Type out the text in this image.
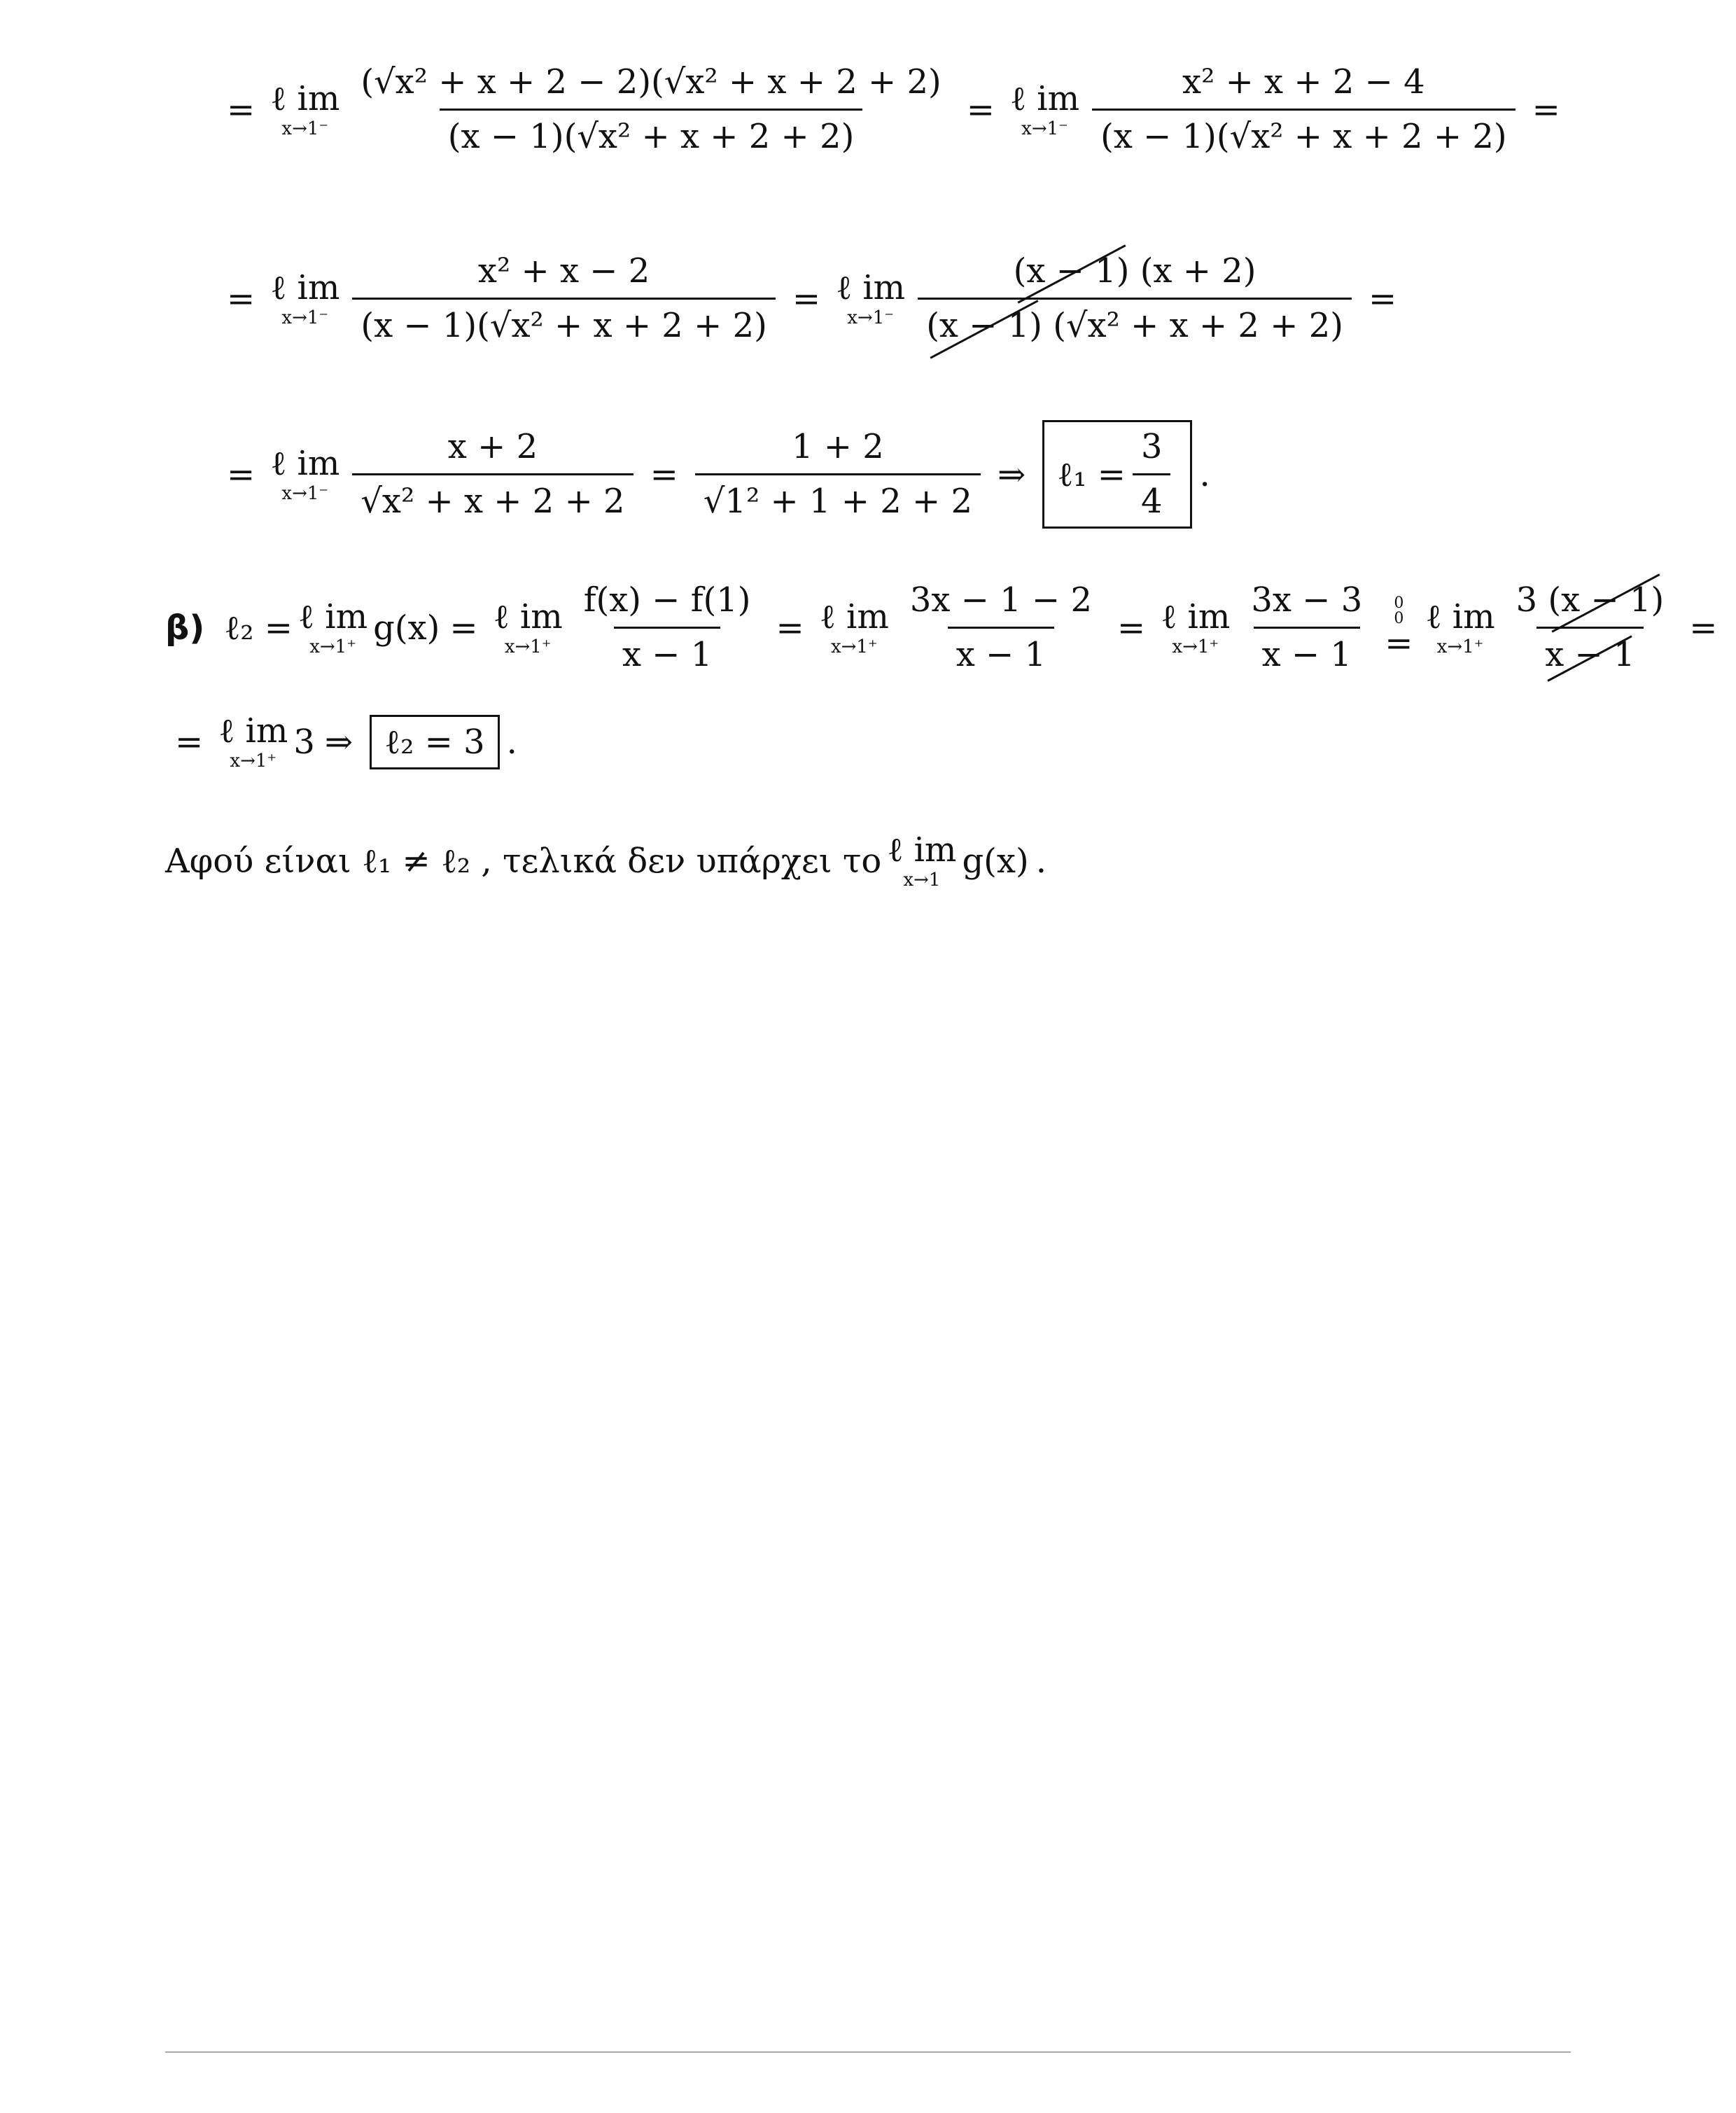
= ℓ im
$x\to 1^- \frac{\text{(√x² + x + 2 − 2)(√x² + x + 2 + 2)}}{\text{(x − 1)(√x² + x + 2 + 2)}}$ = ℓ im
$x\to 1^- \frac{\text{x² + x + 2 − 4}}{\text{(x − 1)(√x² + x + 2 + 2)}}$ =
= ℓ im
$x\to 1^- \frac{\text{x² + x − 2}}{\text{(x − 1)(√x² + x + 2 + 2)}}$ = ℓ im
$x\to 1^- \frac{(x - 1) (x + 2)}{\text{(x − 1) (√x² + x + 2 + 2)}}$ =
= ℓ im
$x\to 1^- \frac{x + 2}{\text{√x² + x + 2 + 2}} = \frac{1 + 2}{\text{√1² + 1 + 2 + 2}}$ ⇒ ℓ₁ = $\frac{3}{4}$ .
β) ℓ₂ = ℓ im
x→1⁺ g(x) = ℓ im
$x\to 1^+ \frac{f(x) - f(1)}{x - 1}$ = ℓ im
$x\to 1^+ \frac{3x - 1 - 2}{x - 1}$ = ℓ im
$x\to 1^+ \frac{3x - 3}{x - 1} 0$
0
=
ℓ im
$x\to 1^+ \frac{3 (x - 1)}{x - 1}$ =
= ℓ im
x→1⁺ 3 ⇒ ℓ₂ = 3 .
Αφού είναι ℓ₁ ≠ ℓ₂ , τελικά δεν υπάρχει το ℓ im
x→1 g(x) .
